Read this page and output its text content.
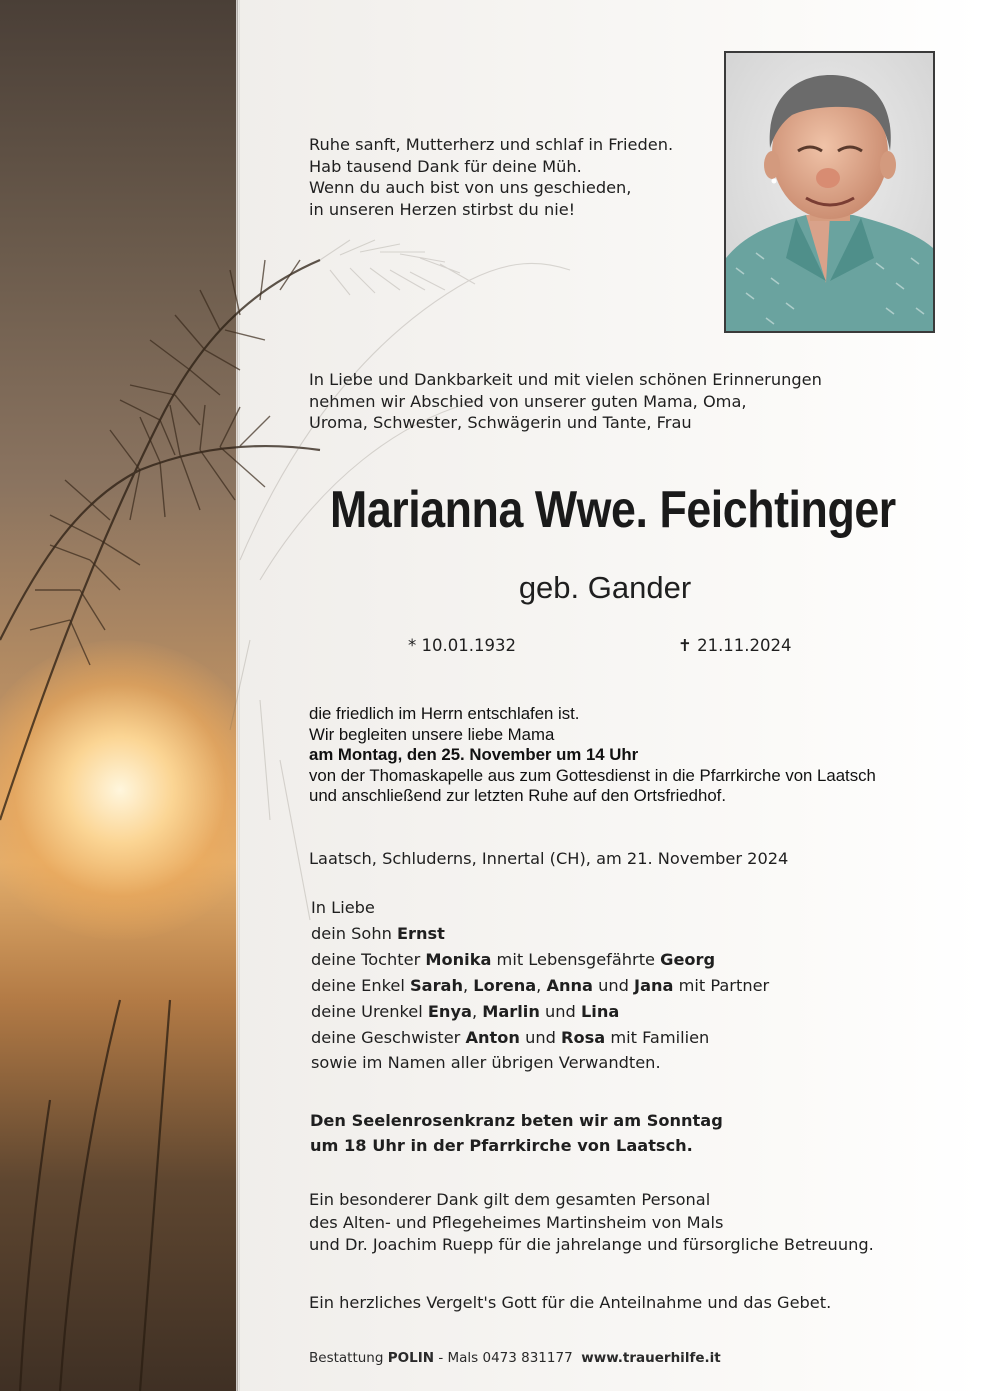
Ruhe sanft, Mutterherz und schlaf in Frieden.
Hab tausend Dank für deine Müh.
Wenn du auch bist von uns geschieden,
in unseren Herzen stirbst du nie!

In Liebe und Dankbarkeit und mit vielen schönen Erinnerungen
nehmen wir Abschied von unserer guten Mama, Oma,
Uroma, Schwester, Schwägerin und Tante, Frau

Marianna Wwe. Feichtinger

geb. Gander

* 10.01.1932	✝ 21.11.2024
die friedlich im Herrn entschlafen ist.
Wir begleiten unsere liebe Mama
am Montag, den 25. November um 14 Uhr
von der Thomaskapelle aus zum Gottesdienst in die Pfarrkirche von Laatsch
und anschließend zur letzten Ruhe auf den Ortsfriedhof.

Laatsch, Schluderns, Innertal (CH), am 21. November 2024

In Liebe
dein Sohn Ernst
deine Tochter Monika mit Lebensgefährte Georg
deine Enkel Sarah, Lorena, Anna und Jana mit Partner
deine Urenkel Enya, Marlin und Lina
deine Geschwister Anton und Rosa mit Familien
sowie im Namen aller übrigen Verwandten.

Den Seelenrosenkranz beten wir am Sonntag
um 18 Uhr in der Pfarrkirche von Laatsch.

Ein besonderer Dank gilt dem gesamten Personal
des Alten- und Pflegeheimes Martinsheim von Mals
und Dr. Joachim Ruepp für die jahrelange und fürsorgliche Betreuung.

Ein herzliches Vergelt's Gott für die Anteilnahme und das Gebet.

Bestattung POLIN - Mals 0473 831177  www.trauerhilfe.it
